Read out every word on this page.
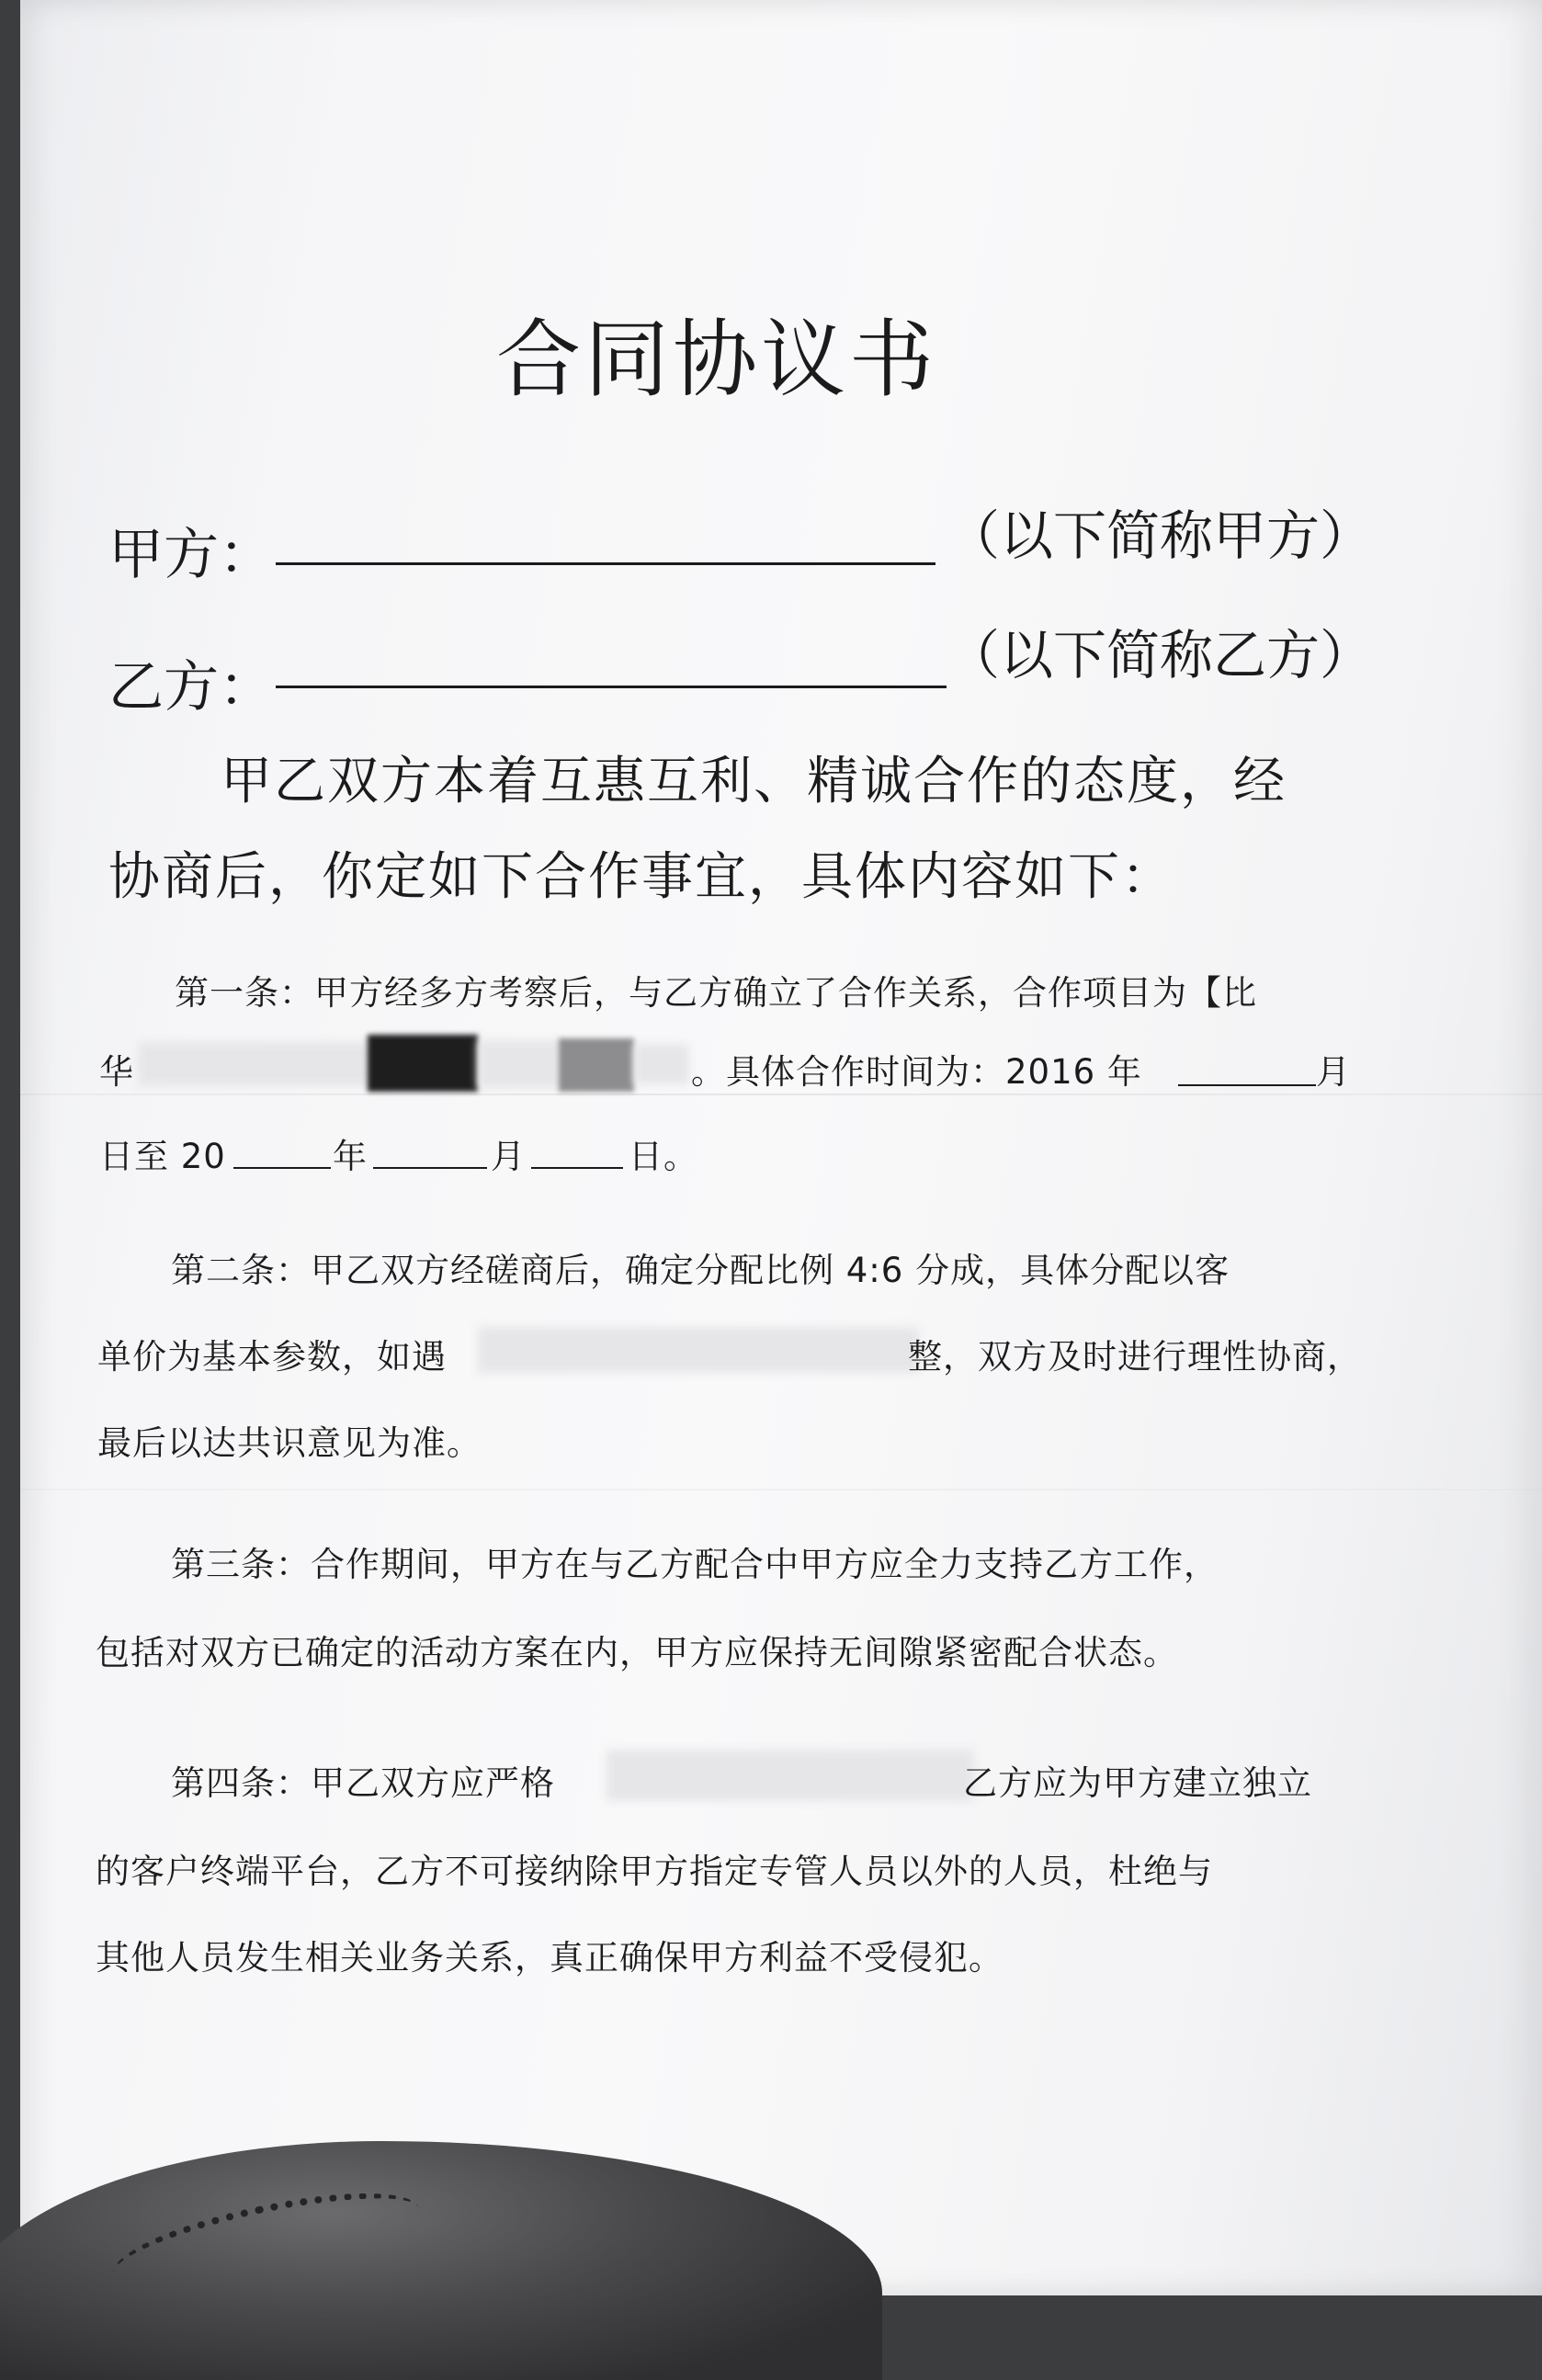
合同协议书
甲方：	（以下简称甲方）
乙方：	（以下简称乙方）
甲乙双方本着互惠互利、精诚合作的态度，经
协商后，你定如下合作事宜，具体内容如下：
第一条：甲方经多方考察后，与乙方确立了合作关系，合作项目为【比
华	。具体合作时间为：2016 年	月
日至 20	年	月	日。
第二条：甲乙双方经磋商后，确定分配比例 4:6 分成，具体分配以客
单价为基本参数，如遇	整，双方及时进行理性协商，
最后以达共识意见为准。
第三条：合作期间，甲方在与乙方配合中甲方应全力支持乙方工作，
包括对双方已确定的活动方案在内，甲方应保持无间隙紧密配合状态。
第四条：甲乙双方应严格	乙方应为甲方建立独立
的客户终端平台，乙方不可接纳除甲方指定专管人员以外的人员，杜绝与
其他人员发生相关业务关系，真正确保甲方利益不受侵犯。
